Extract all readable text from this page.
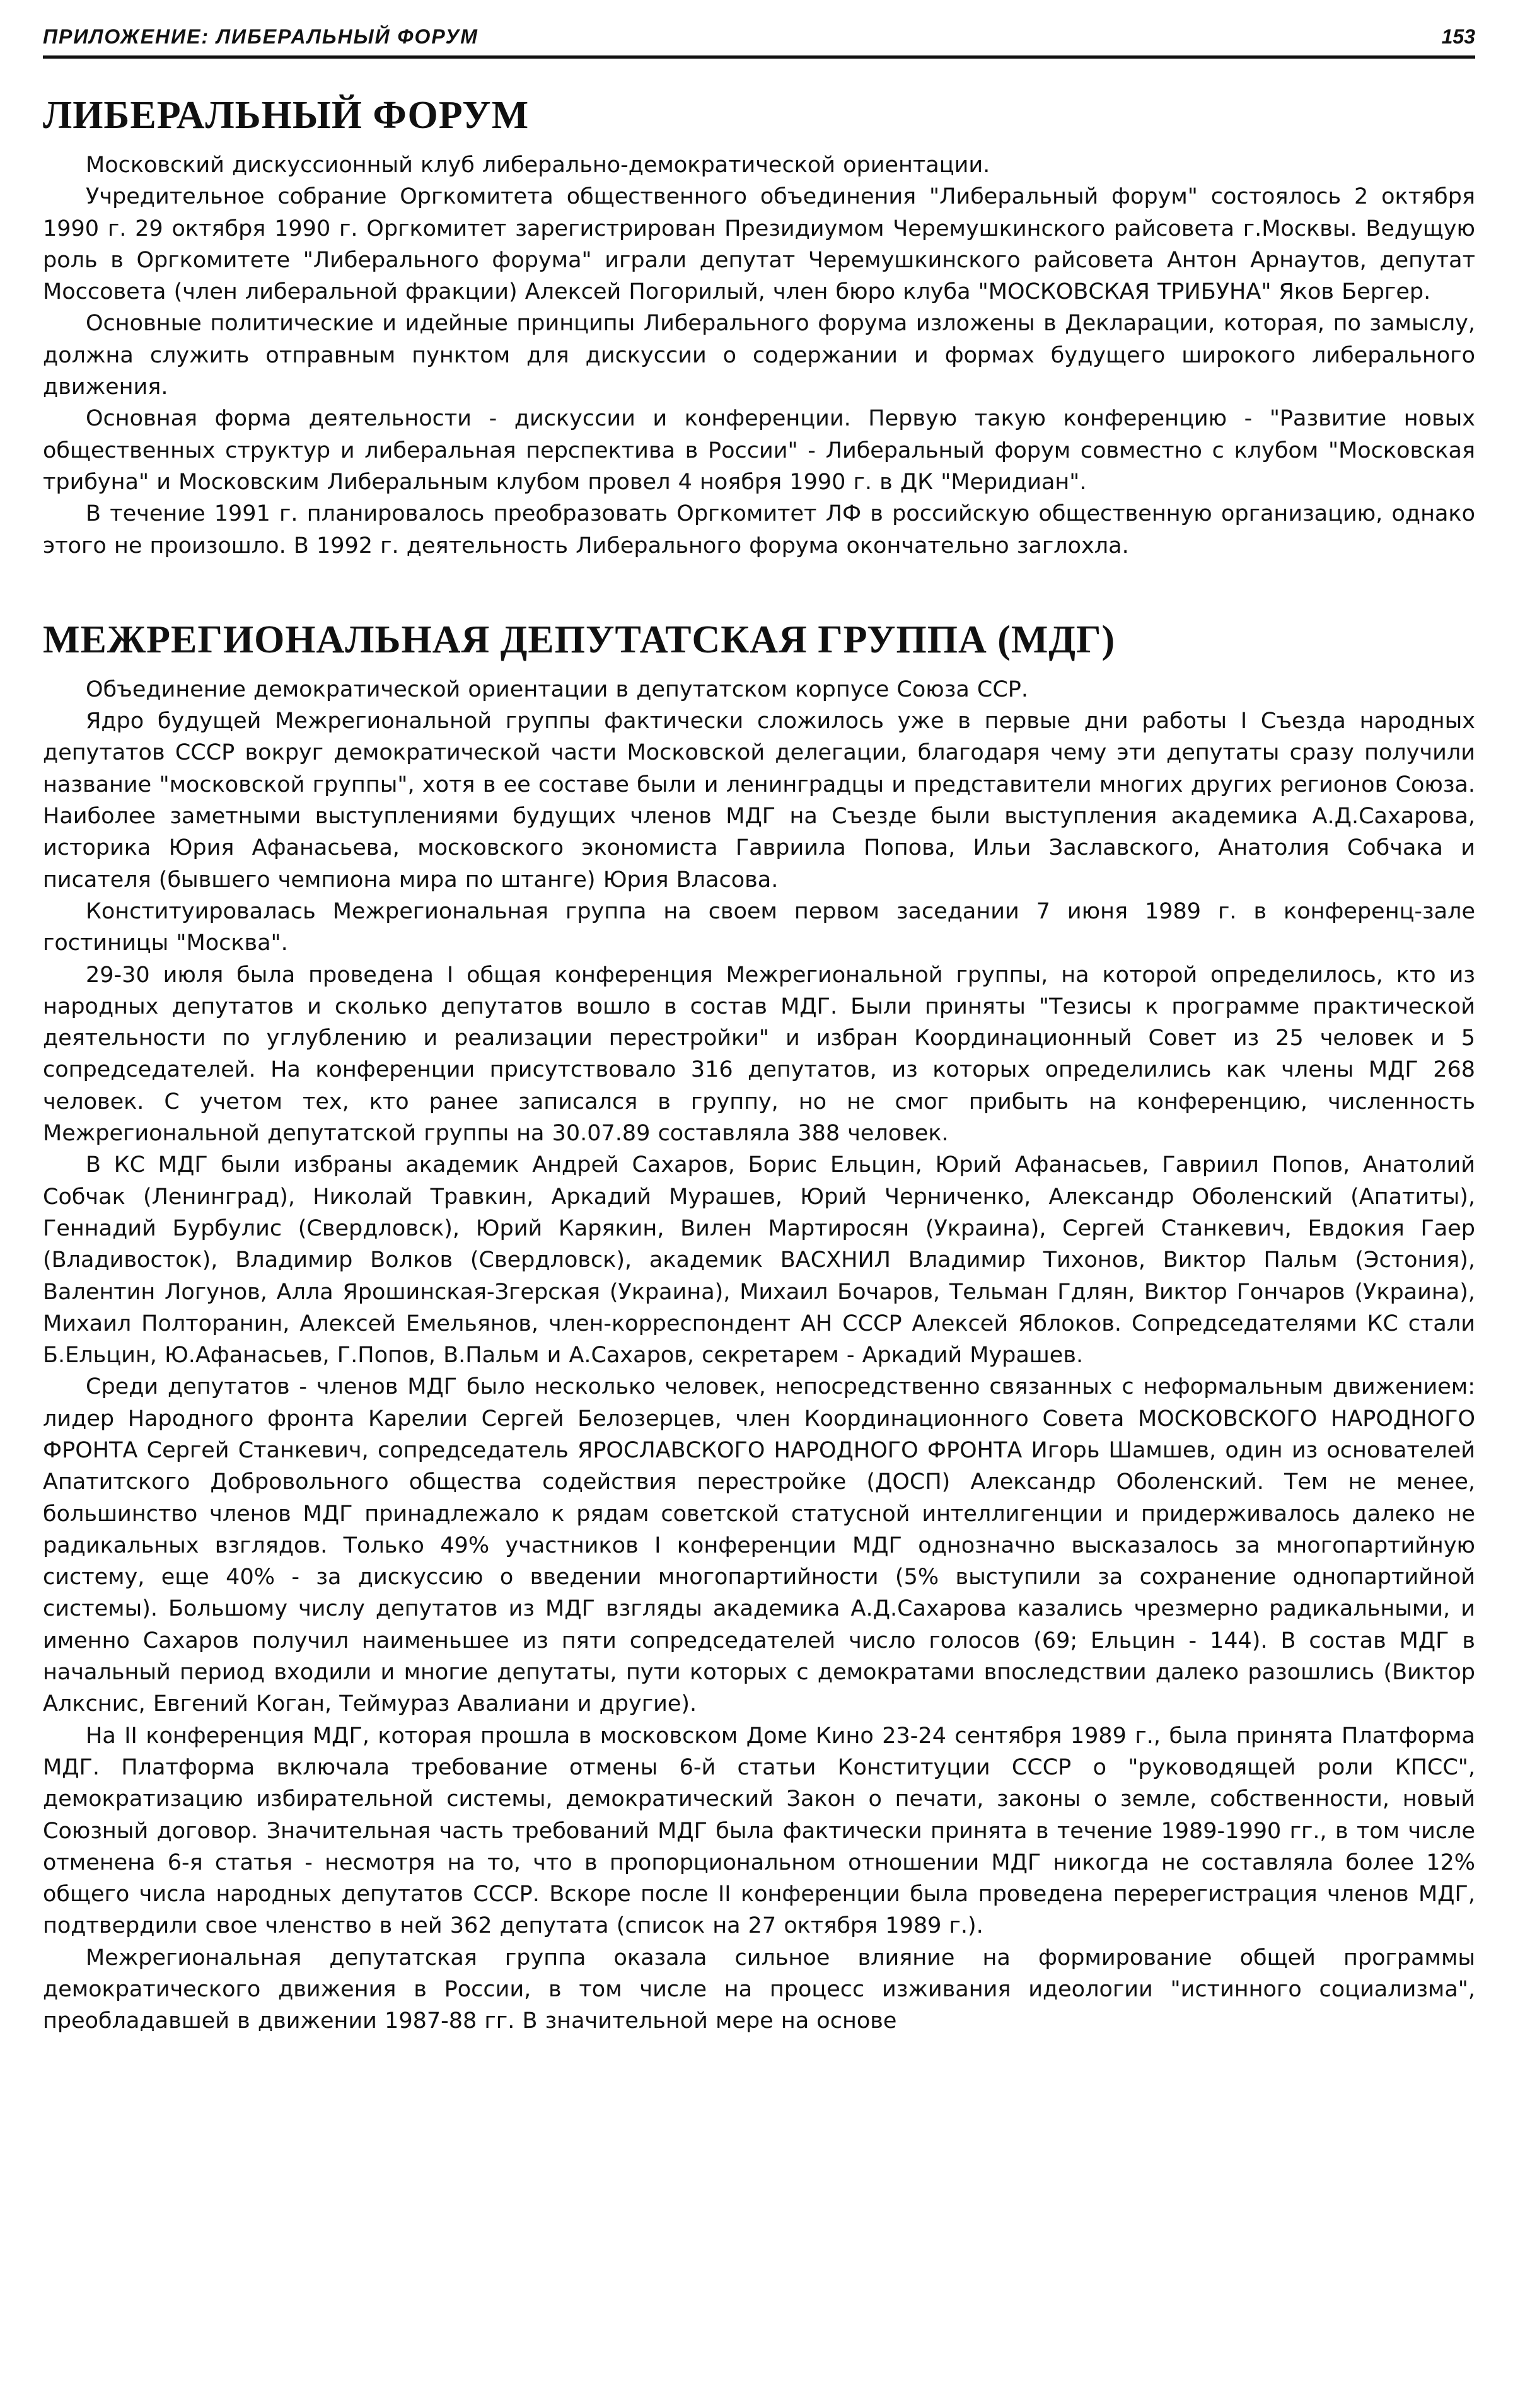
ПРИЛОЖЕНИЕ: ЛИБЕРАЛЬНЫЙ ФОРУМ	153
ЛИБЕРАЛЬНЫЙ ФОРУМ

Московский дискуссионный клуб либерально-демократической ориентации.

Учредительное собрание Оргкомитета общественного объединения "Либеральный форум" состоялось 2 октября 1990 г. 29 октября 1990 г. Оргкомитет зарегистрирован Президиумом Черемушкинского райсовета г.Москвы. Ведущую роль в Оргкомитете "Либерального форума" играли депутат Черемушкинского райсовета Антон Арнаутов, депутат Моссовета (член либеральной фракции) Алексей Погорилый, член бюро клуба "МОСКОВСКАЯ ТРИБУНА" Яков Бергер.

Основные политические и идейные принципы Либерального форума изложены в Декларации, которая, по замыслу, должна служить отправным пунктом для дискуссии о содержании и формах будущего широкого либерального движения.

Основная форма деятельности - дискуссии и конференции. Первую такую конференцию - "Развитие новых общественных структур и либеральная перспектива в России" - Либеральный форум совместно с клубом "Московская трибуна" и Московским Либеральным клубом провел 4 ноября 1990 г. в ДК "Меридиан".

В течение 1991 г. планировалось преобразовать Оргкомитет ЛФ в российскую общественную организацию, однако этого не произошло. В 1992 г. деятельность Либерального форума окончательно заглохла.

МЕЖРЕГИОНАЛЬНАЯ ДЕПУТАТСКАЯ ГРУППА (МДГ)

Объединение демократической ориентации в депутатском корпусе Союза ССР.

Ядро будущей Межрегиональной группы фактически сложилось уже в первые дни работы I Съезда народных депутатов СССР вокруг демократической части Московской делегации, благодаря чему эти депутаты сразу получили название "московской группы", хотя в ее составе были и ленинградцы и представители многих других регионов Союза. Наиболее заметными выступлениями будущих членов МДГ на Съезде были выступления академика А.Д.Сахарова, историка Юрия Афанасьева, московского экономиста Гавриила Попова, Ильи Заславского, Анатолия Собчака и писателя (бывшего чемпиона мира по штанге) Юрия Власова.

Конституировалась Межрегиональная группа на своем первом заседании 7 июня 1989 г. в конференц-зале гостиницы "Москва".

29-30 июля была проведена I общая конференция Межрегиональной группы, на которой определилось, кто из народных депутатов и сколько депутатов вошло в состав МДГ. Были приняты "Тезисы к программе практической деятельности по углублению и реализации перестройки" и избран Координационный Совет из 25 человек и 5 сопредседателей. На конференции присутствовало 316 депутатов, из которых определились как члены МДГ 268 человек. С учетом тех, кто ранее записался в группу, но не смог прибыть на конференцию, численность Межрегиональной депутатской группы на 30.07.89 составляла 388 человек.

В КС МДГ были избраны академик Андрей Сахаров, Борис Ельцин, Юрий Афанасьев, Гавриил Попов, Анатолий Собчак (Ленинград), Николай Травкин, Аркадий Мурашев, Юрий Черниченко, Александр Оболенский (Апатиты), Геннадий Бурбулис (Свердловск), Юрий Карякин, Вилен Мартиросян (Украина), Сергей Станкевич, Евдокия Гаер (Владивосток), Владимир Волков (Свердловск), академик ВАСХНИЛ Владимир Тихонов, Виктор Пальм (Эстония), Валентин Логунов, Алла Ярошинская-Згерская (Украина), Михаил Бочаров, Тельман Гдлян, Виктор Гончаров (Украина), Михаил Полторанин, Алексей Емельянов, член-корреспондент АН СССР Алексей Яблоков. Сопредседателями КС стали Б.Ельцин, Ю.Афанасьев, Г.Попов, В.Пальм и А.Сахаров, секретарем - Аркадий Мурашев.

Среди депутатов - членов МДГ было несколько человек, непосредственно связанных с неформальным движением: лидер Народного фронта Карелии Сергей Белозерцев, член Координационного Совета МОСКОВСКОГО НАРОДНОГО ФРОНТА Сергей Станкевич, сопредседатель ЯРОСЛАВСКОГО НАРОДНОГО ФРОНТА Игорь Шамшев, один из основателей Апатитского Добровольного общества содействия перестройке (ДОСП) Александр Оболенский. Тем не менее, большинство членов МДГ принадлежало к рядам советской статусной интеллигенции и придерживалось далеко не радикальных взглядов. Только 49% участников I конференции МДГ однозначно высказалось за многопартийную систему, еще 40% - за дискуссию о введении многопартийности (5% выступили за сохранение однопартийной системы). Большому числу депутатов из МДГ взгляды академика А.Д.Сахарова казались чрезмерно радикальными, и именно Сахаров получил наименьшее из пяти сопредседателей число голосов (69; Ельцин - 144). В состав МДГ в начальный период входили и многие депутаты, пути которых с демократами впоследствии далеко разошлись (Виктор Алкснис, Евгений Коган, Теймураз Авалиани и другие).

На II конференция МДГ, которая прошла в московском Доме Кино 23-24 сентября 1989 г., была принята Платформа МДГ. Платформа включала требование отмены 6-й статьи Конституции СССР о "руководящей роли КПСС", демократизацию избирательной системы, демократический Закон о печати, законы о земле, собственности, новый Союзный договор. Значительная часть требований МДГ была фактически принята в течение 1989-1990 гг., в том числе отменена 6-я статья - несмотря на то, что в пропорциональном отношении МДГ никогда не составляла более 12% общего числа народных депутатов СССР. Вскоре после II конференции была проведена перерегистрация членов МДГ, подтвердили свое членство в ней 362 депутата (список на 27 октября 1989 г.).

Межрегиональная депутатская группа оказала сильное влияние на формирование общей программы демократического движения в России, в том числе на процесс изживания идеологии "истинного социализма", преобладавшей в движении 1987-88 гг. В значительной мере на основе
